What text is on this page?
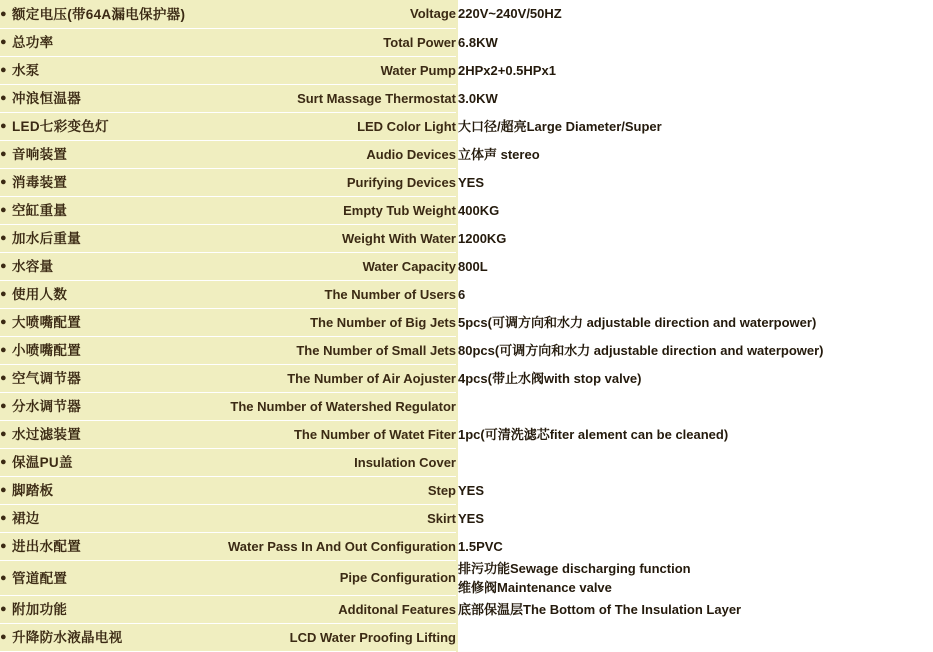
● 额定电压(带64A漏电保护器)	Voltage	220V~240V/50HZ

● 总功率	Total Power	6.8KW

● 水泵	Water Pump	2HPx2+0.5HPx1

● 冲浪恒温器	Surt Massage Thermostat	3.0KW

● LED七彩变色灯	LED Color Light	大口径/超亮Large Diameter/Super

● 音响装置	Audio Devices	立体声 stereo

● 消毒装置	Purifying Devices	YES

● 空缸重量	Empty Tub Weight	400KG

● 加水后重量	Weight With Water	1200KG

● 水容量	Water Capacity	800L

● 使用人数	The Number of Users	6

● 大喷嘴配置	The Number of Big Jets	5pcs(可调方向和水力 adjustable direction and waterpower)

● 小喷嘴配置	The Number of Small Jets	80pcs(可调方向和水力 adjustable direction and waterpower)

● 空气调节器	The Number of Air Aojuster	4pcs(带止水阀with stop valve)

● 分水调节器	The Number of Watershed Regulator	

● 水过滤装置	The Number of Watet Fiter	1pc(可清洗滤芯fiter alement can be cleaned)

● 保温PU盖	Insulation Cover	

● 脚踏板	Step	YES

● 裙边	Skirt	YES

● 进出水配置	Water Pass In And Out Configuration	1.5PVC

● 管道配置	Pipe Configuration	排污功能Sewage discharging function
维修阀Maintenance valve

● 附加功能	Additonal Features	底部保温层The Bottom of The Insulation Layer

● 升降防水液晶电视	LCD Water Proofing Lifting	
